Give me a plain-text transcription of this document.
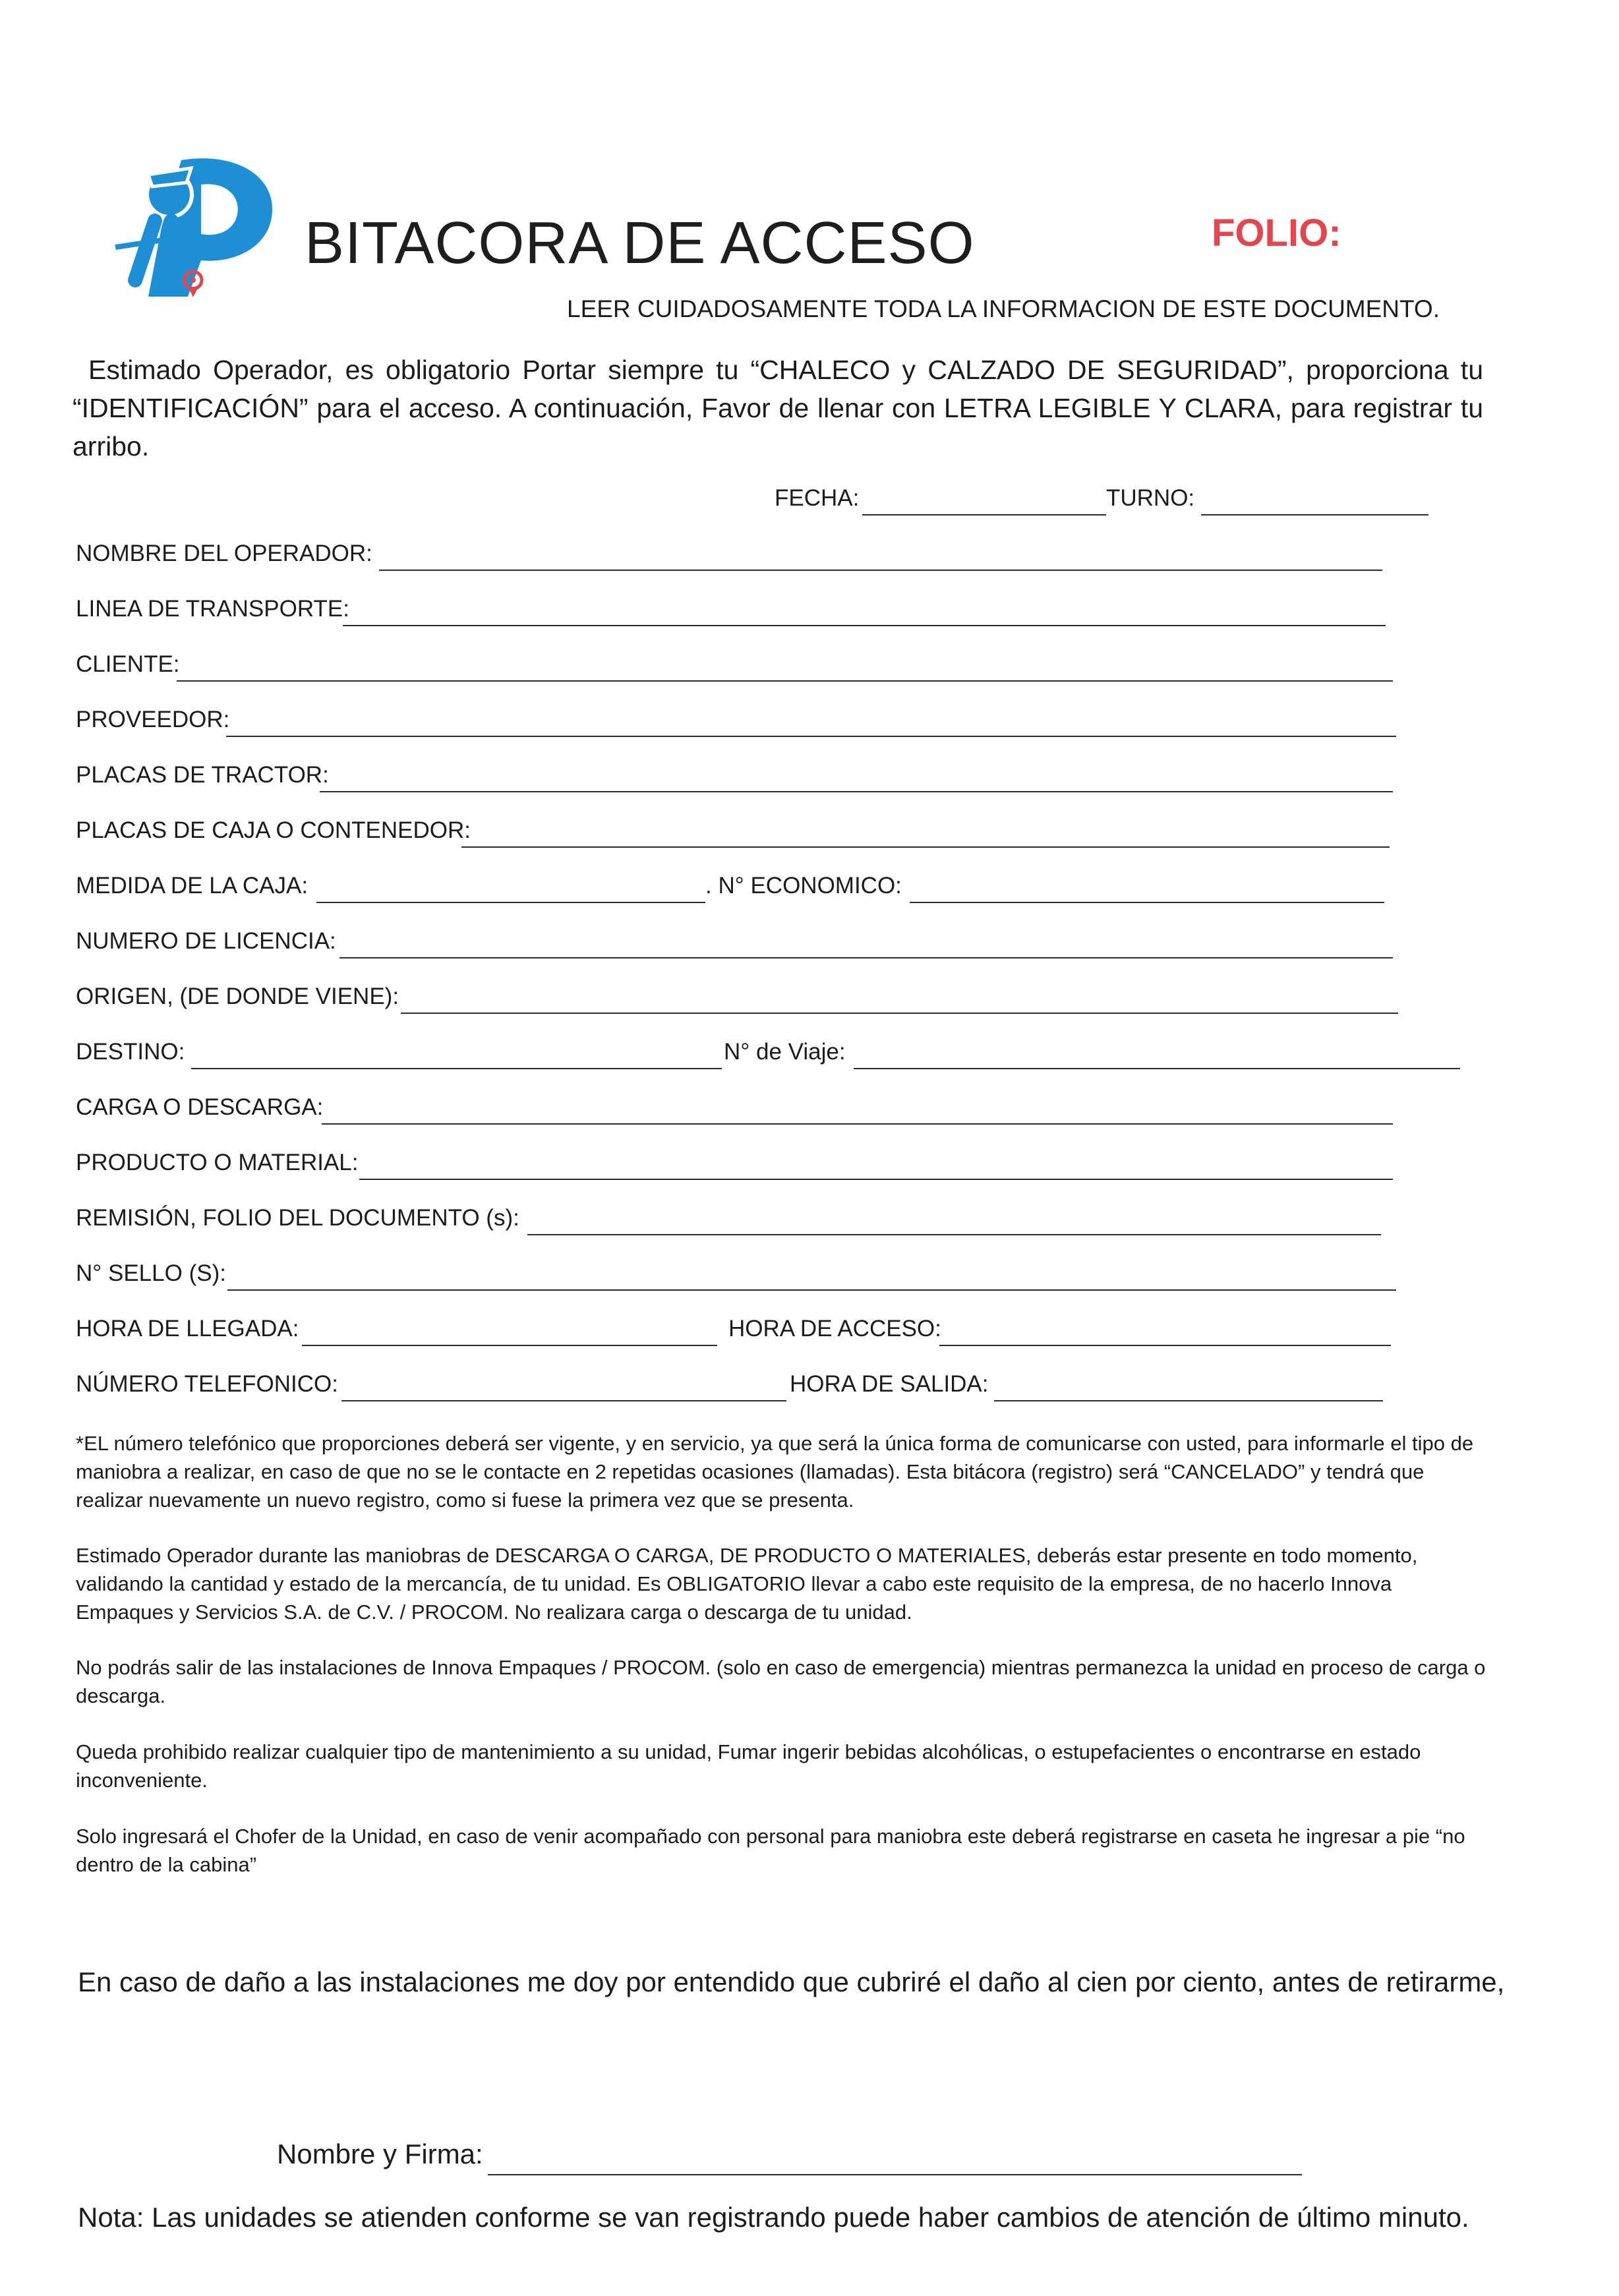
BITACORA DE ACCESO	FOLIO:
LEER CUIDADOSAMENTE TODA LA INFORMACION DE ESTE DOCUMENTO.
Estimado Operador, es obligatorio Portar siempre tu “CHALECO y CALZADO DE SEGURIDAD”, proporciona tu “IDENTIFICACIÓN” para el acceso. A continuación, Favor de llenar con LETRA LEGIBLE Y CLARA, para registrar tu arribo.
FECHA:	TURNO:
NOMBRE DEL OPERADOR:
LINEA DE TRANSPORTE:
CLIENTE:
PROVEEDOR:
PLACAS DE TRACTOR:
PLACAS DE CAJA O CONTENEDOR:
MEDIDA DE LA CAJA:	. N° ECONOMICO:
NUMERO DE LICENCIA:
ORIGEN, (DE DONDE VIENE):
DESTINO:	N° de Viaje:
CARGA O DESCARGA:
PRODUCTO O MATERIAL:
REMISIÓN, FOLIO DEL DOCUMENTO (s):
N° SELLO (S):
HORA DE LLEGADA:	HORA DE ACCESO:
NÚMERO TELEFONICO:	HORA DE SALIDA:
*EL número telefónico que proporciones deberá ser vigente, y en servicio, ya que será la única forma de comunicarse con usted, para informarle el tipo de maniobra a realizar, en caso de que no se le contacte en 2 repetidas ocasiones (llamadas). Esta bitácora (registro) será “CANCELADO” y tendrá que realizar nuevamente un nuevo registro, como si fuese la primera vez que se presenta.
Estimado Operador durante las maniobras de DESCARGA O CARGA, DE PRODUCTO O MATERIALES, deberás estar presente en todo momento, validando la cantidad y estado de la mercancía, de tu unidad. Es OBLIGATORIO llevar a cabo este requisito de la empresa, de no hacerlo Innova Empaques y Servicios S.A. de C.V. / PROCOM. No realizara carga o descarga de tu unidad.
No podrás salir de las instalaciones de Innova Empaques / PROCOM. (solo en caso de emergencia) mientras permanezca la unidad en proceso de carga o descarga.
Queda prohibido realizar cualquier tipo de mantenimiento a su unidad, Fumar ingerir bebidas alcohólicas, o estupefacientes o encontrarse en estado inconveniente.
Solo ingresará el Chofer de la Unidad, en caso de venir acompañado con personal para maniobra este deberá registrarse en caseta he ingresar a pie “no dentro de la cabina”
En caso de daño a las instalaciones me doy por entendido que cubriré el daño al cien por ciento, antes de retirarme,
Nombre y Firma:
Nota: Las unidades se atienden conforme se van registrando puede haber cambios de atención de último minuto.
